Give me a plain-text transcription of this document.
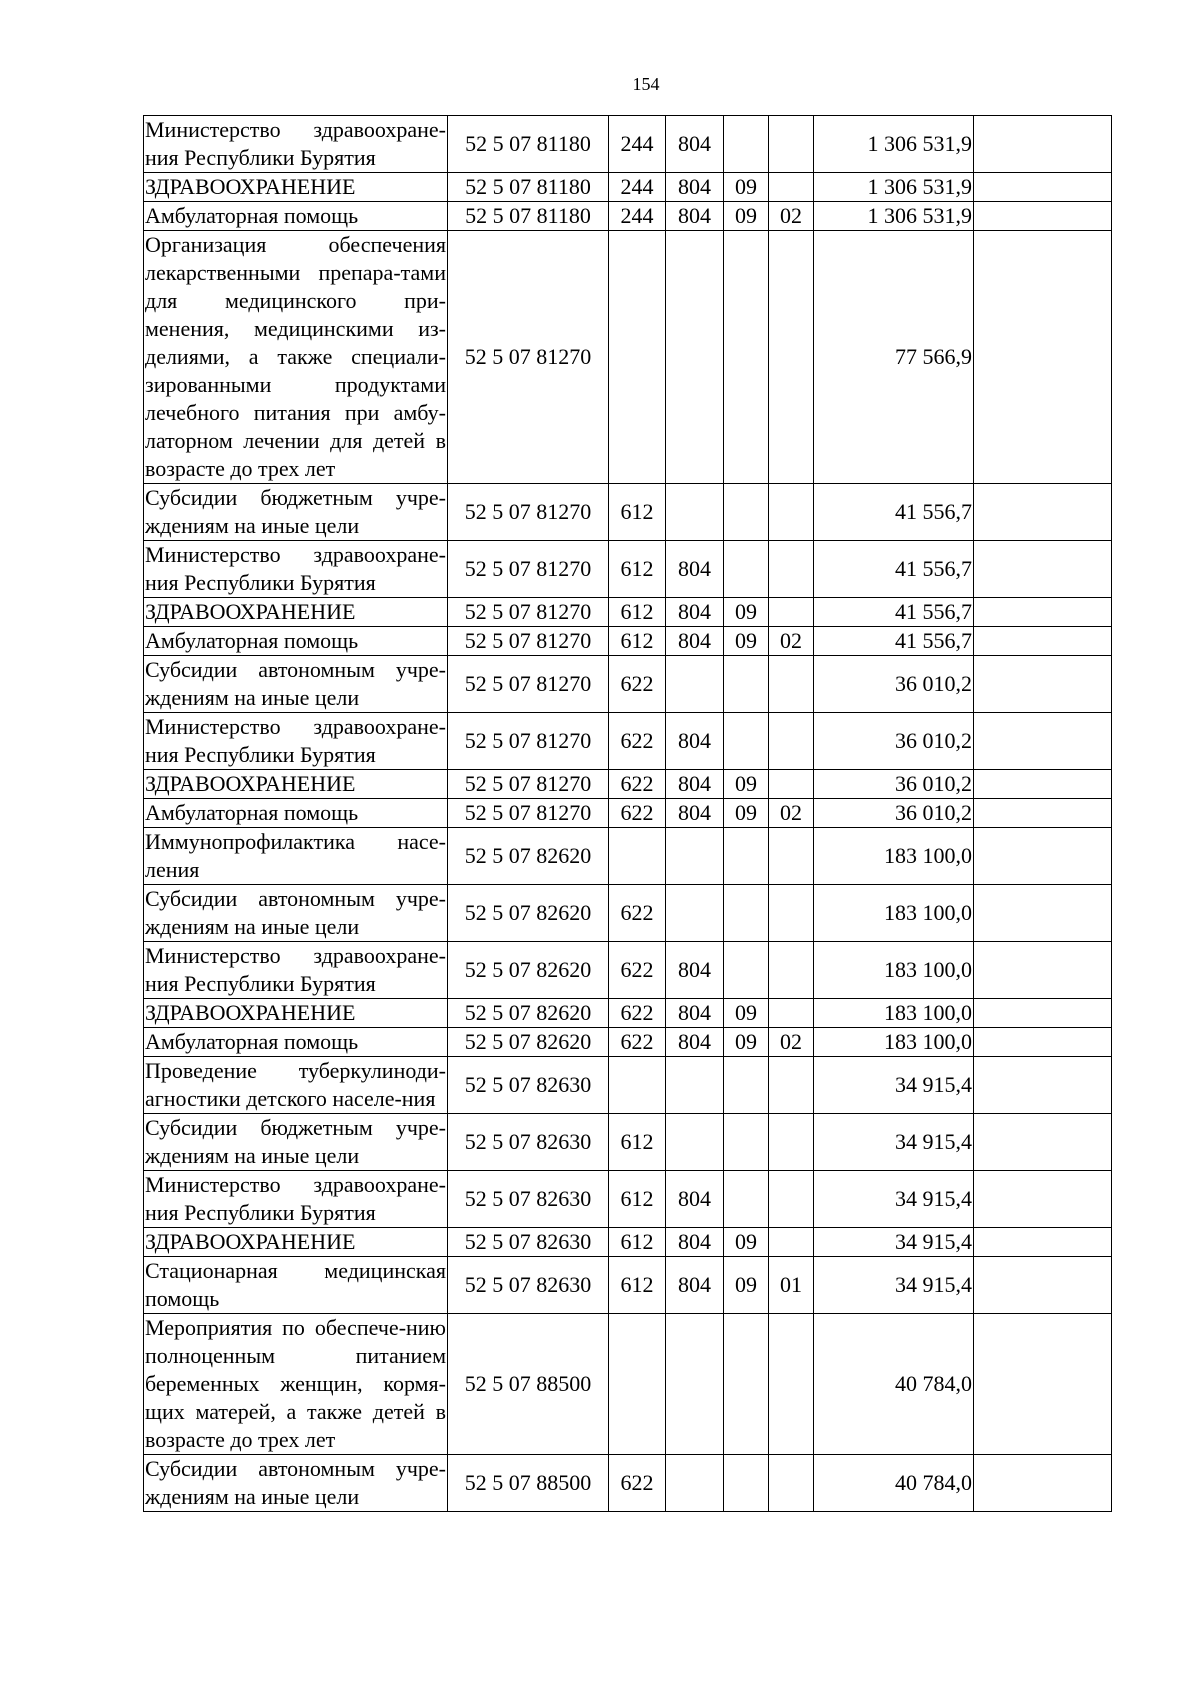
154
Министерство здравоохране-ния Республики Бурятия	52 5 07 81180	244	804			1 306 531,9	
ЗДРАВООХРАНЕНИЕ	52 5 07 81180	244	804	09		1 306 531,9	
Амбулаторная помощь	52 5 07 81180	244	804	09	02	1 306 531,9	
Организация обеспечения лекарственными препара-тами для медицинского при-менения, медицинскими из-делиями, а также специали-зированными продуктами лечебного питания при амбу-латорном лечении для детей в возрасте до трех лет	52 5 07 81270					77 566,9	
Субсидии бюджетным учре-ждениям на иные цели	52 5 07 81270	612				41 556,7	
Министерство здравоохране-ния Республики Бурятия	52 5 07 81270	612	804			41 556,7	
ЗДРАВООХРАНЕНИЕ	52 5 07 81270	612	804	09		41 556,7	
Амбулаторная помощь	52 5 07 81270	612	804	09	02	41 556,7	
Субсидии автономным учре-ждениям на иные цели	52 5 07 81270	622				36 010,2	
Министерство здравоохране-ния Республики Бурятия	52 5 07 81270	622	804			36 010,2	
ЗДРАВООХРАНЕНИЕ	52 5 07 81270	622	804	09		36 010,2	
Амбулаторная помощь	52 5 07 81270	622	804	09	02	36 010,2	
Иммунопрофилактика насе-ления	52 5 07 82620					183 100,0	
Субсидии автономным учре-ждениям на иные цели	52 5 07 82620	622				183 100,0	
Министерство здравоохране-ния Республики Бурятия	52 5 07 82620	622	804			183 100,0	
ЗДРАВООХРАНЕНИЕ	52 5 07 82620	622	804	09		183 100,0	
Амбулаторная помощь	52 5 07 82620	622	804	09	02	183 100,0	
Проведение туберкулиноди-агностики детского населе-ния	52 5 07 82630					34 915,4	
Субсидии бюджетным учре-ждениям на иные цели	52 5 07 82630	612				34 915,4	
Министерство здравоохране-ния Республики Бурятия	52 5 07 82630	612	804			34 915,4	
ЗДРАВООХРАНЕНИЕ	52 5 07 82630	612	804	09		34 915,4	
Стационарная медицинская помощь	52 5 07 82630	612	804	09	01	34 915,4	
Мероприятия по обеспече-нию полноценным питанием беременных женщин, кормя-щих матерей, а также детей в возрасте до трех лет	52 5 07 88500					40 784,0	
Субсидии автономным учре-ждениям на иные цели	52 5 07 88500	622				40 784,0	
